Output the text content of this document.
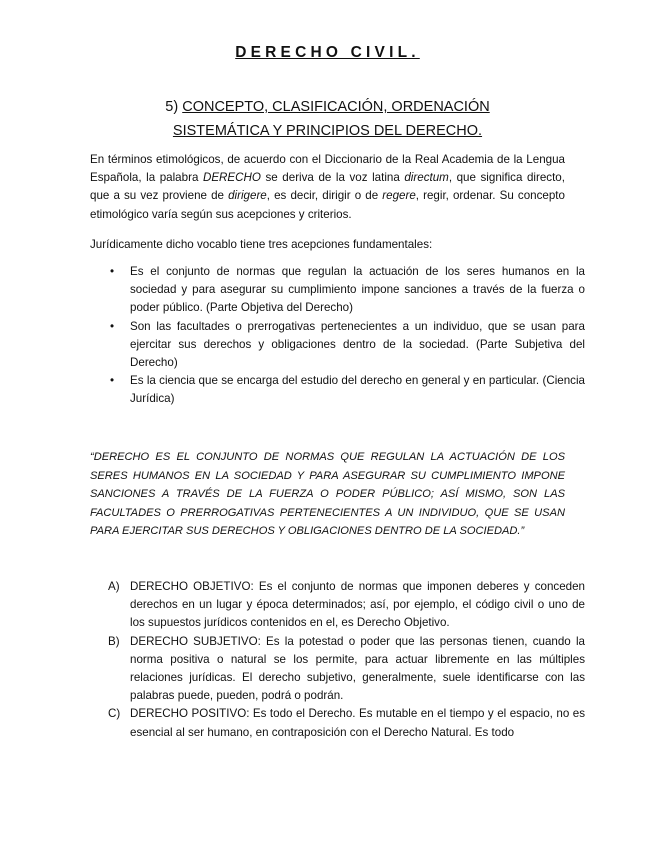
DERECHO CIVIL.
5) CONCEPTO, CLASIFICACIÓN, ORDENACIÓN
SISTEMÁTICA Y PRINCIPIOS DEL DERECHO.
En términos etimológicos, de acuerdo con el Diccionario de la Real Academia de la Lengua Española, la palabra DERECHO se deriva de la voz latina directum, que significa directo, que a su vez proviene de dirigere, es decir, dirigir o de regere, regir, ordenar. Su concepto etimológico varía según sus acepciones y criterios.
Jurídicamente dicho vocablo tiene tres acepciones fundamentales:
• Es el conjunto de normas que regulan la actuación de los seres humanos en la sociedad y para asegurar su cumplimiento impone sanciones a través de la fuerza o poder público. (Parte Objetiva del Derecho)
• Son las facultades o prerrogativas pertenecientes a un individuo, que se usan para ejercitar sus derechos y obligaciones dentro de la sociedad. (Parte Subjetiva del Derecho)
• Es la ciencia que se encarga del estudio del derecho en general y en particular. (Ciencia Jurídica)
“DERECHO ES EL CONJUNTO DE NORMAS QUE REGULAN LA ACTUACIÓN DE LOS SERES HUMANOS EN LA SOCIEDAD Y PARA ASEGURAR SU CUMPLIMIENTO IMPONE SANCIONES A TRAVÉS DE LA FUERZA O PODER PÚBLICO; ASÍ MISMO, SON LAS FACULTADES O PRERROGATIVAS PERTENECIENTES A UN INDIVIDUO, QUE SE USAN PARA EJERCITAR SUS DERECHOS Y OBLIGACIONES DENTRO DE LA SOCIEDAD.”
A) DERECHO OBJETIVO: Es el conjunto de normas que imponen deberes y conceden derechos en un lugar y época determinados; así, por ejemplo, el código civil o uno de los supuestos jurídicos contenidos en el, es Derecho Objetivo.
B) DERECHO SUBJETIVO: Es la potestad o poder que las personas tienen, cuando la norma positiva o natural se los permite, para actuar libremente en las múltiples relaciones jurídicas. El derecho subjetivo, generalmente, suele identificarse con las palabras puede, pueden, podrá o podrán.
C) DERECHO POSITIVO: Es todo el Derecho. Es mutable en el tiempo y el espacio, no es esencial al ser humano, en contraposición con el Derecho Natural. Es todo
